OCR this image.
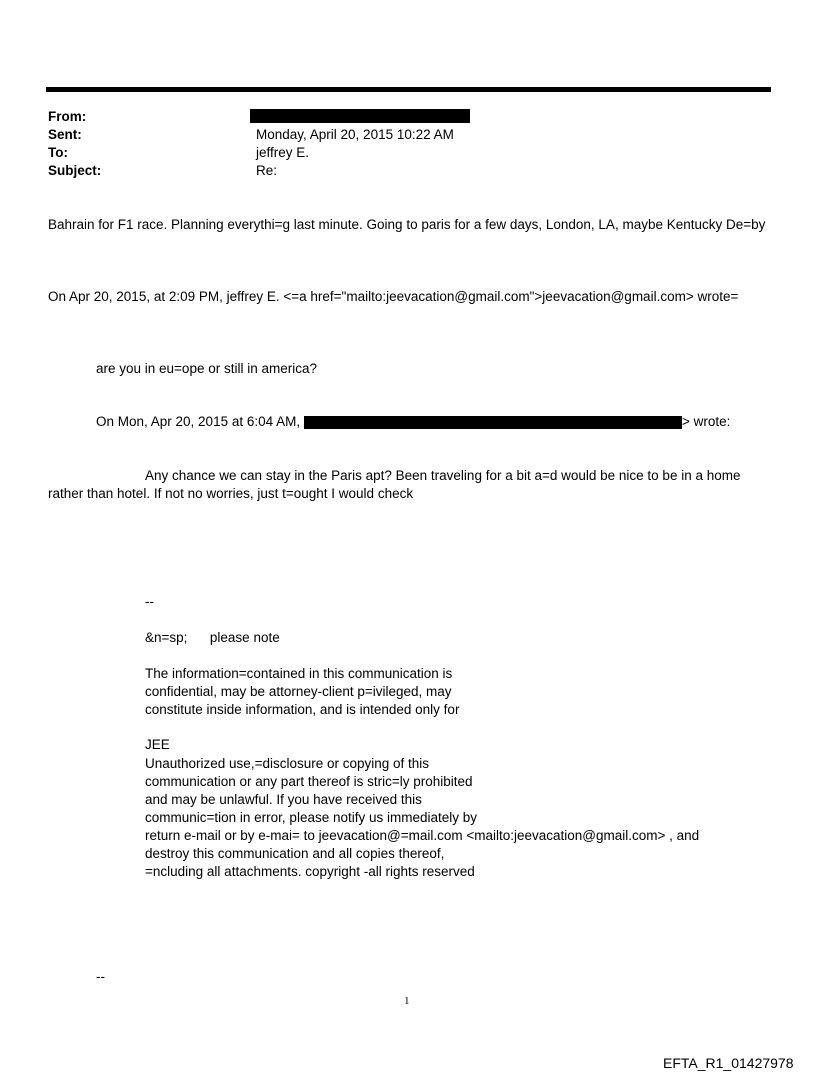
From:
Sent:	Monday, April 20, 2015 10:22 AM
To:	jeffrey E.
Subject:	Re:
Bahrain for F1 race. Planning everythi=g last minute. Going to paris for a few days, London, LA, maybe Kentucky De=by
On Apr 20, 2015, at 2:09 PM, jeffrey E. <=a href="mailto:jeevacation@gmail.com">jeevacation@gmail.com> wrote=
are you in eu=ope or still in america?
On Mon, Apr 20, 2015 at 6:04 AM,	> wrote:
Any chance we can stay in the Paris apt? Been traveling for a bit a=d would be nice to be in a home
rather than hotel. If not no worries, just t=ought I would check
--
&n=sp;      please note
The information=contained in this communication is
confidential, may be attorney-client p=ivileged, may
constitute inside information, and is intended only for
JEE
Unauthorized use,=disclosure or copying of this
communication or any part thereof is stric=ly prohibited
and may be unlawful. If you have received this
communic=tion in error, please notify us immediately by
return e-mail or by e-mai= to jeevacation@=mail.com <mailto:jeevacation@gmail.com> , and
destroy this communication and all copies thereof,
=ncluding all attachments. copyright -all rights reserved
--
1
EFTA_R1_01427978
